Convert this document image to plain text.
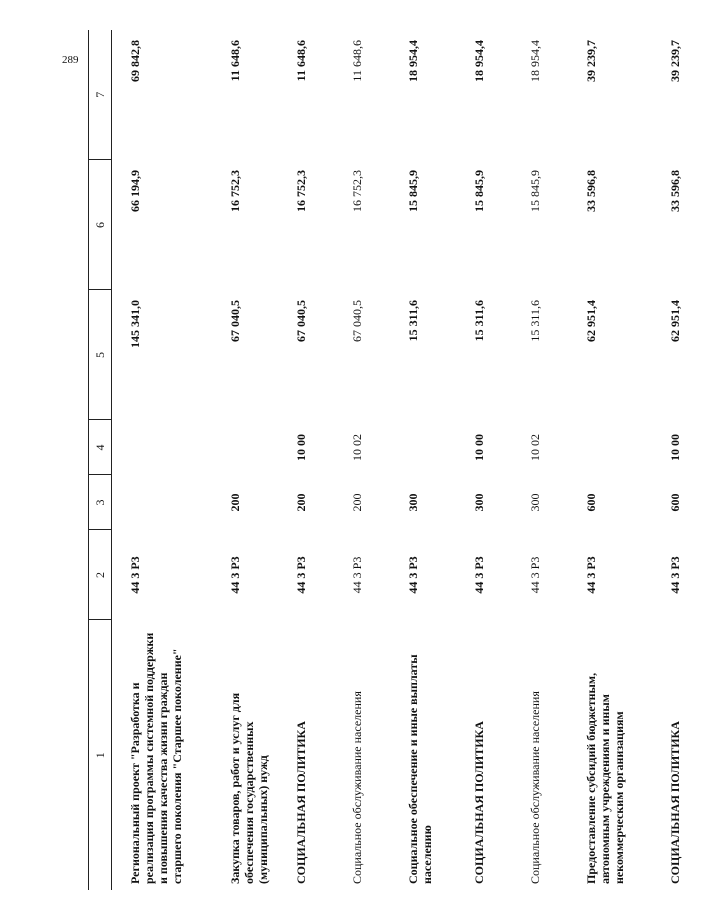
289
1	2	3	4	5	6	7
Региональный проект "Разработка и реализация программы системной поддержки и повышения качества жизни граждан старшего поколения "Старшее поколение"	44 3 Р3			145 341,0	66 194,9	69 842,8
Закупка товаров, работ и услуг для обеспечения государственных (муниципальных) нужд	44 3 Р3	200		67 040,5	16 752,3	11 648,6
СОЦИАЛЬНАЯ ПОЛИТИКА	44 3 Р3	200	10 00	67 040,5	16 752,3	11 648,6
Социальное обслуживание населения	44 3 Р3	200	10 02	67 040,5	16 752,3	11 648,6
Социальное обеспечение и иные выплаты населению	44 3 Р3	300		15 311,6	15 845,9	18 954,4
СОЦИАЛЬНАЯ ПОЛИТИКА	44 3 Р3	300	10 00	15 311,6	15 845,9	18 954,4
Социальное обслуживание населения	44 3 Р3	300	10 02	15 311,6	15 845,9	18 954,4
Предоставление субсидий бюджетным, автономным учреждениям и иным некоммерческим организациям	44 3 Р3	600		62 951,4	33 596,8	39 239,7
СОЦИАЛЬНАЯ ПОЛИТИКА	44 3 Р3	600	10 00	62 951,4	33 596,8	39 239,7
